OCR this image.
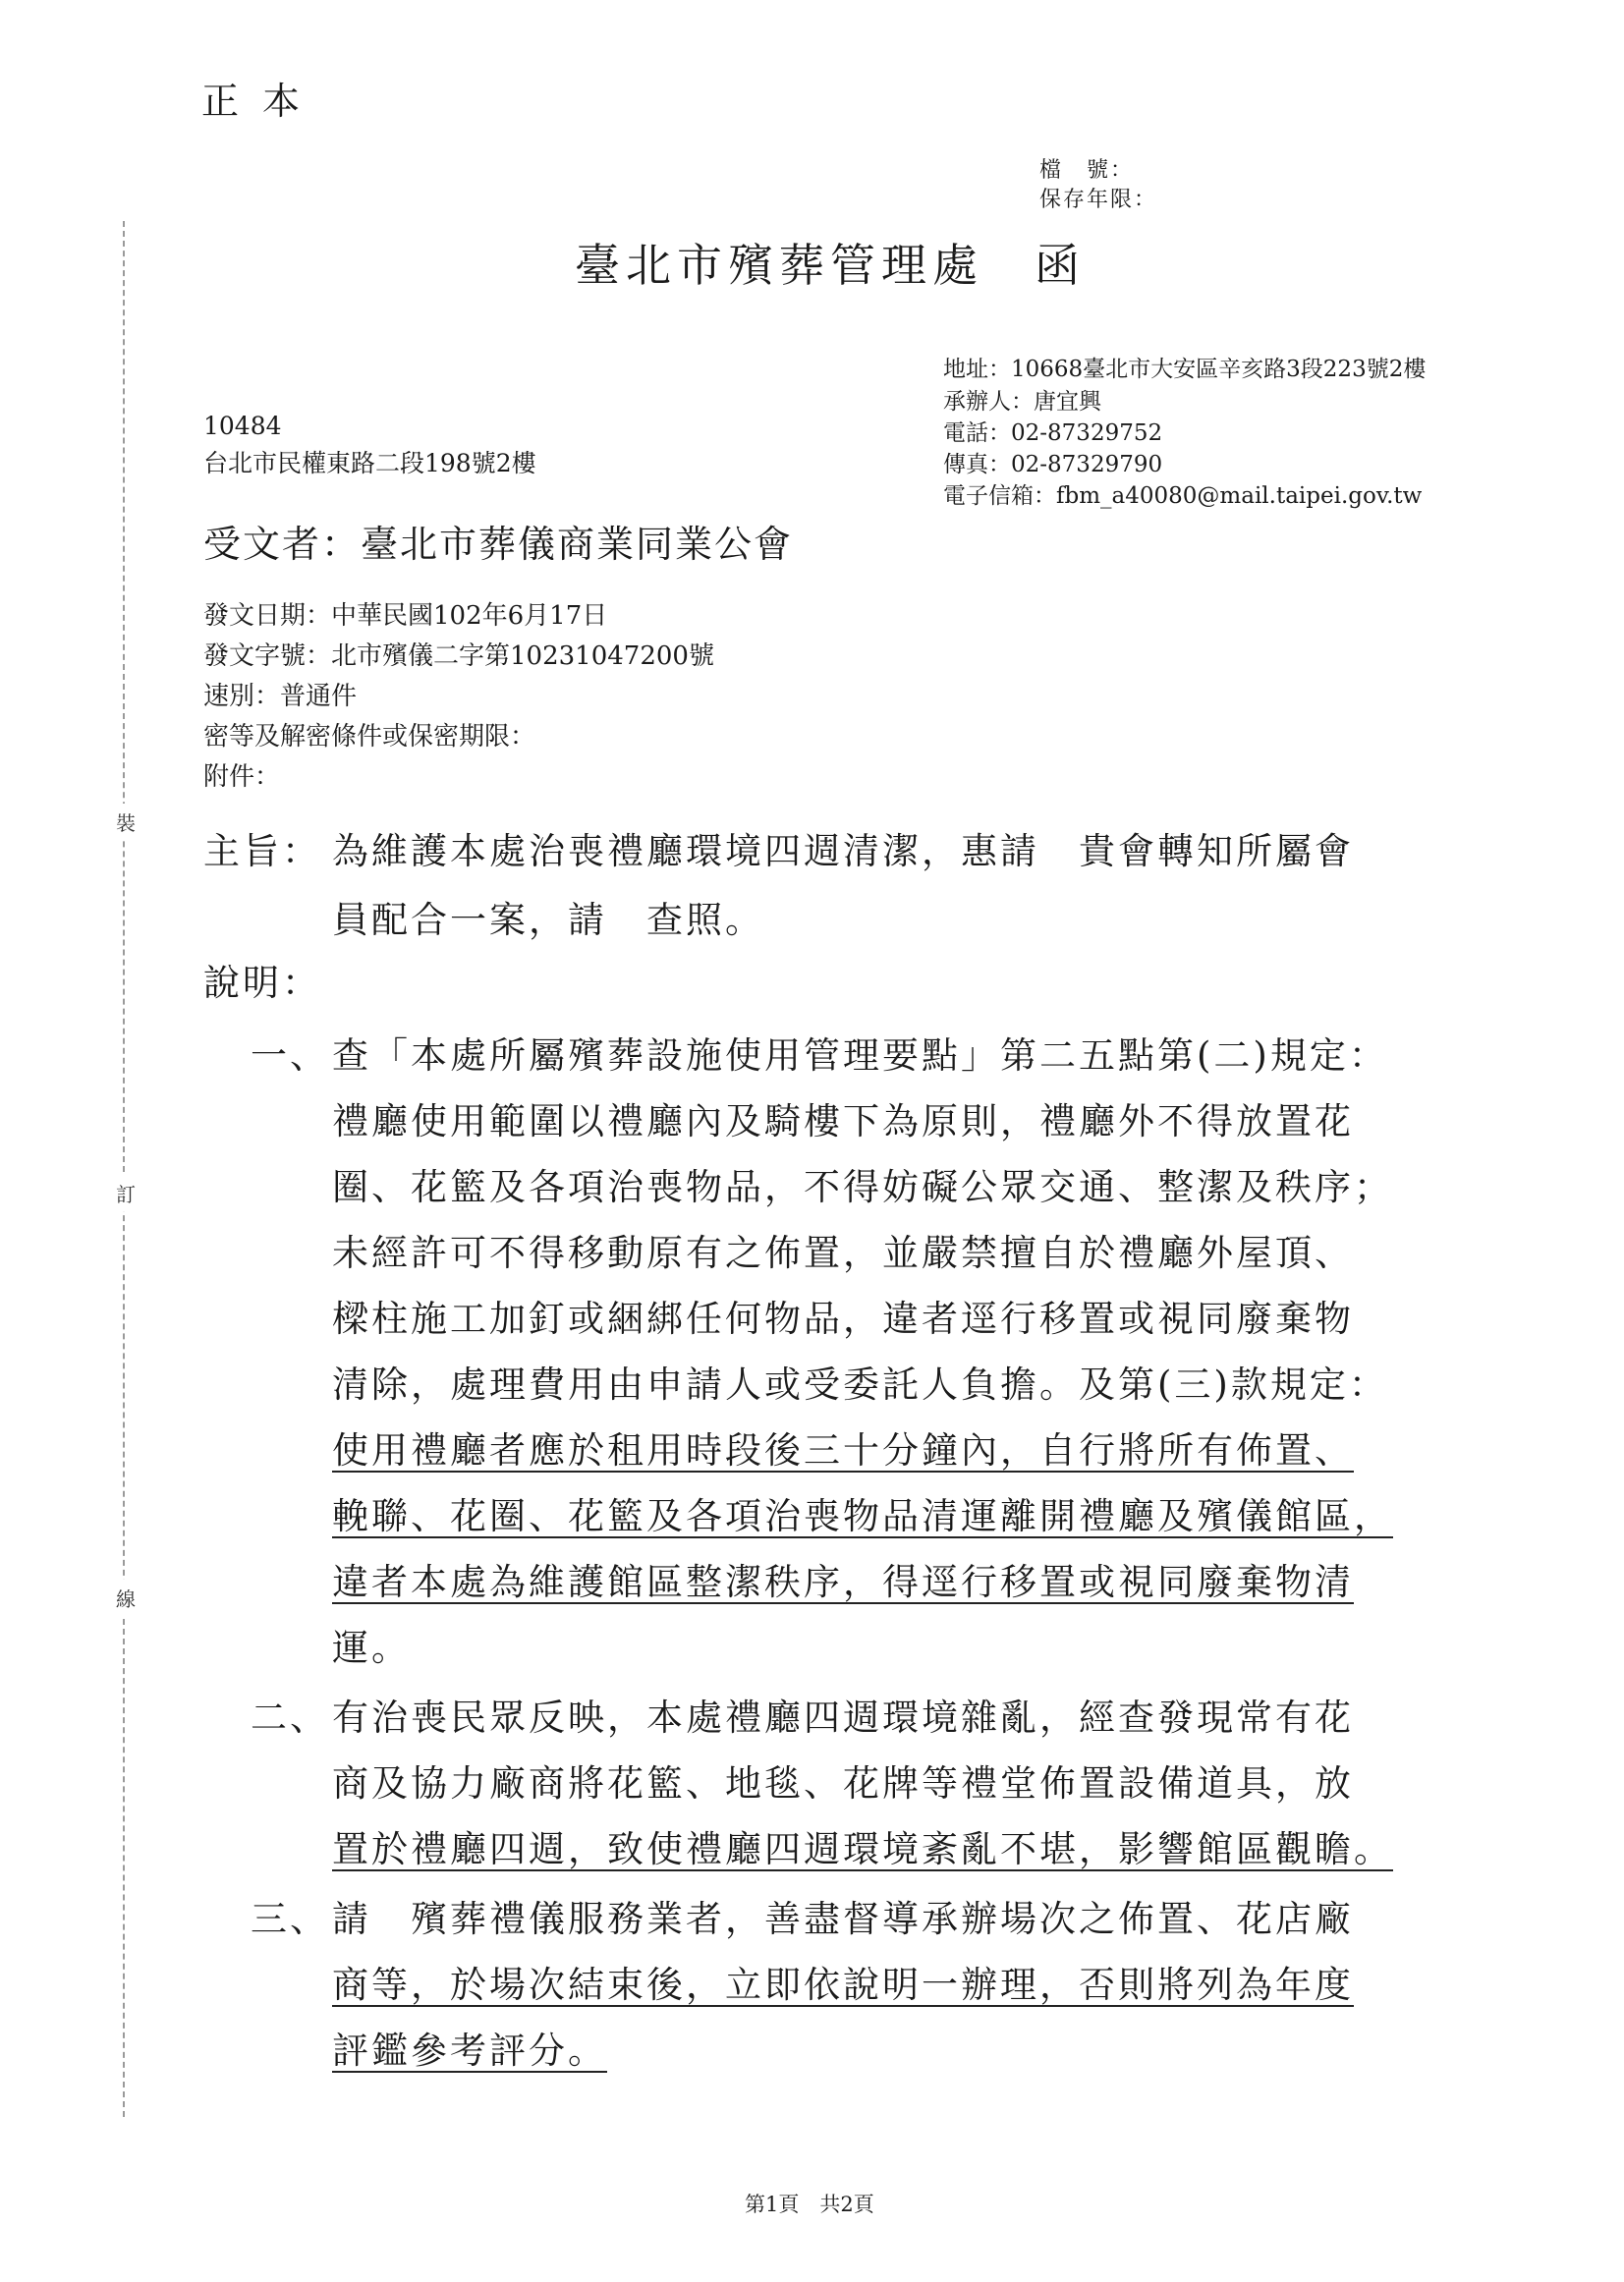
裝
訂
線
正本
檔　號：
保存年限：
臺北市殯葬管理處　函
地址：10668臺北市大安區辛亥路3段223號2樓
承辦人：唐宜興
電話：02-87329752
傳真：02-87329790
電子信箱：fbm_a40080@mail.taipei.gov.tw
10484
台北市民權東路二段198號2樓
受文者：臺北市葬儀商業同業公會
發文日期：中華民國102年6月17日
發文字號：北市殯儀二字第10231047200號
速別：普通件
密等及解密條件或保密期限：
附件：
主旨： 為維護本處治喪禮廳環境四週清潔，惠請　貴會轉知所屬會
員配合一案，請　查照。
說明：
一、 查「本處所屬殯葬設施使用管理要點」第二五點第(二)規定：
禮廳使用範圍以禮廳內及騎樓下為原則，禮廳外不得放置花
圈、花籃及各項治喪物品，不得妨礙公眾交通、整潔及秩序；
未經許可不得移動原有之佈置，並嚴禁擅自於禮廳外屋頂、
樑柱施工加釘或綑綁任何物品，違者逕行移置或視同廢棄物
清除，處理費用由申請人或受委託人負擔。及第(三)款規定：
使用禮廳者應於租用時段後三十分鐘內，自行將所有佈置、
輓聯、花圈、花籃及各項治喪物品清運離開禮廳及殯儀館區，
違者本處為維護館區整潔秩序，得逕行移置或視同廢棄物清
運。
二、 有治喪民眾反映，本處禮廳四週環境雜亂，經查發現常有花
商及協力廠商將花籃、地毯、花牌等禮堂佈置設備道具，放
置於禮廳四週，致使禮廳四週環境紊亂不堪，影響館區觀瞻。
三、 請　殯葬禮儀服務業者，善盡督導承辦場次之佈置、花店廠
商等，於場次結束後，立即依說明一辦理，否則將列為年度
評鑑參考評分。
第1頁　共2頁
